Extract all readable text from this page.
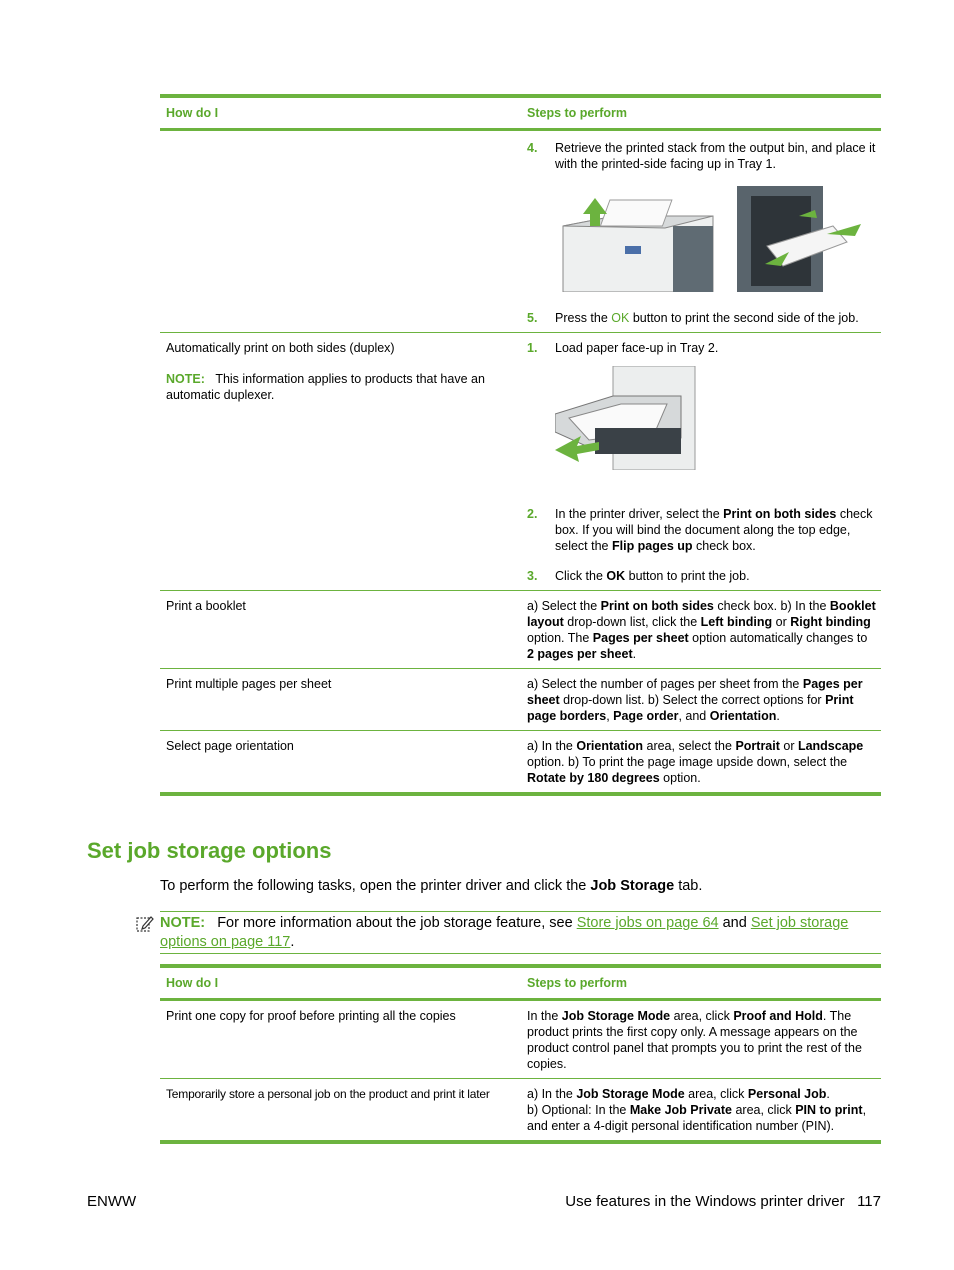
How do I	Steps to perform
4.	Retrieve the printed stack from the output bin, and place it with the printed-side facing up in Tray 1.
5.	Press the OK button to print the second side of the job.
Automatically print on both sides (duplex)
NOTE: This information applies to products that have an automatic duplexer.
1.	Load paper face-up in Tray 2.
2.	In the printer driver, select the Print on both sides check box. If you will bind the document along the top edge, select the Flip pages up check box.
3.	Click the OK button to print the job.
Print a booklet	a) Select the Print on both sides check box. b) In the Booklet layout drop-down list, click the Left binding or Right binding option. The Pages per sheet option automatically changes to 2 pages per sheet.
Print multiple pages per sheet	a) Select the number of pages per sheet from the Pages per sheet drop-down list. b) Select the correct options for Print page borders, Page order, and Orientation.
Select page orientation	a) In the Orientation area, select the Portrait or Landscape option. b) To print the page image upside down, select the Rotate by 180 degrees option.
Set job storage options
To perform the following tasks, open the printer driver and click the Job Storage tab.
NOTE: For more information about the job storage feature, see Store jobs on page 64 and Set job storage options on page 117.
How do I	Steps to perform
Print one copy for proof before printing all the copies	In the Job Storage Mode area, click Proof and Hold. The product prints the first copy only. A message appears on the product control panel that prompts you to print the rest of the copies.
Temporarily store a personal job on the product and print it later	a) In the Job Storage Mode area, click Personal Job.
b) Optional: In the Make Job Private area, click PIN to print, and enter a 4-digit personal identification number (PIN).
ENWW	Use features in the Windows printer driver 117
